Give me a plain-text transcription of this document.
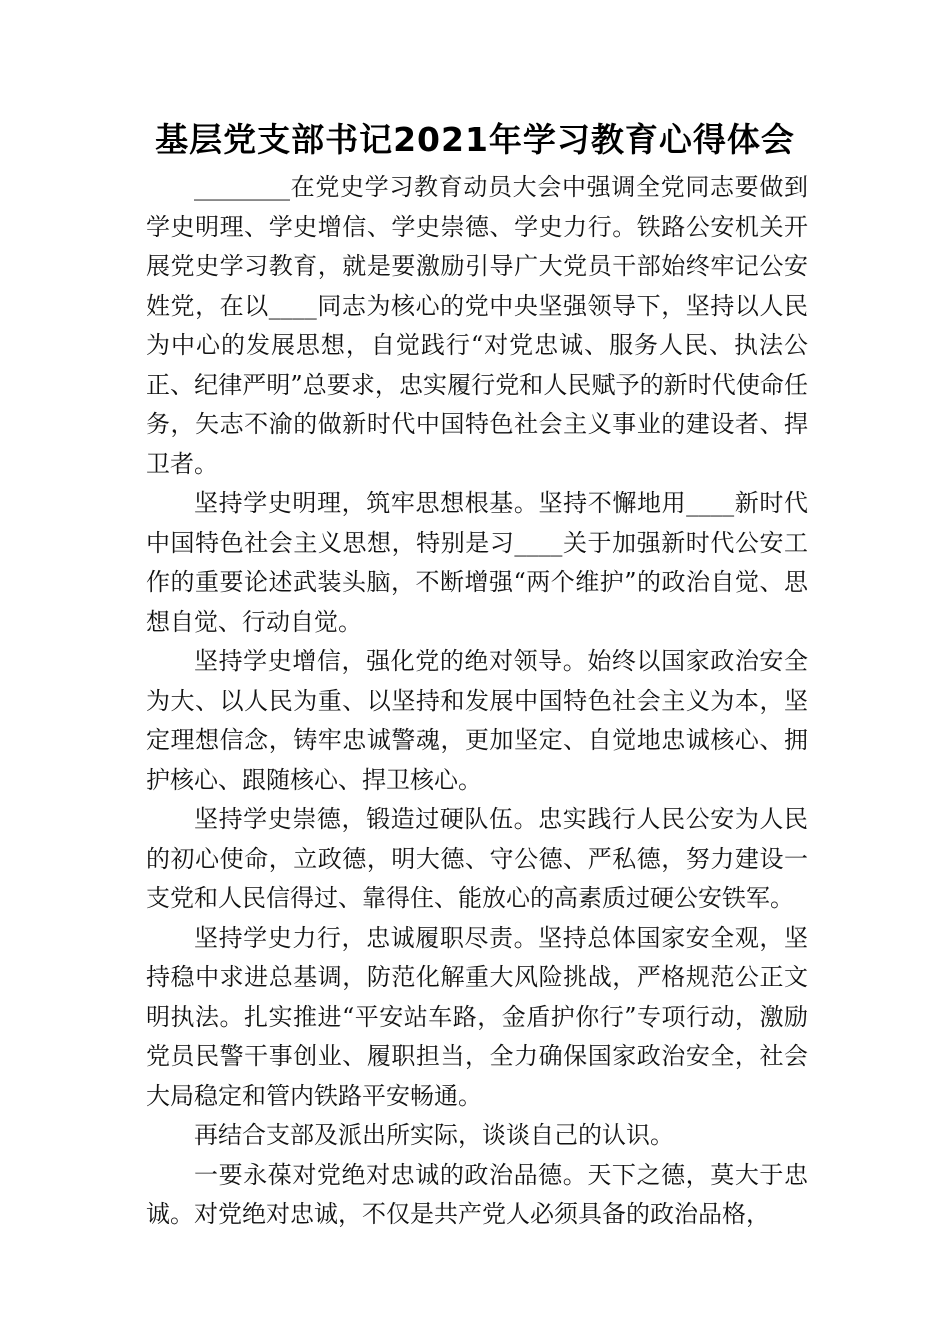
基层党支部书记2021年学习教育心得体会

________在党史学习教育动员大会中强调全党同志要做到学史明理、学史增信、学史崇德、学史力行。铁路公安机关开展党史学习教育，就是要激励引导广大党员干部始终牢记公安姓党，在以____同志为核心的党中央坚强领导下，坚持以人民为中心的发展思想，自觉践行“对党忠诚、服务人民、执法公正、纪律严明”总要求，忠实履行党和人民赋予的新时代使命任务，矢志不渝的做新时代中国特色社会主义事业的建设者、捍卫者。

坚持学史明理，筑牢思想根基。坚持不懈地用____新时代中国特色社会主义思想，特别是习____关于加强新时代公安工作的重要论述武装头脑，不断增强“两个维护”的政治自觉、思想自觉、行动自觉。

坚持学史增信，强化党的绝对领导。始终以国家政治安全为大、以人民为重、以坚持和发展中国特色社会主义为本，坚定理想信念，铸牢忠诚警魂，更加坚定、自觉地忠诚核心、拥护核心、跟随核心、捍卫核心。

坚持学史崇德，锻造过硬队伍。忠实践行人民公安为人民的初心使命，立政德，明大德、守公德、严私德，努力建设一支党和人民信得过、靠得住、能放心的高素质过硬公安铁军。

坚持学史力行，忠诚履职尽责。坚持总体国家安全观，坚持稳中求进总基调，防范化解重大风险挑战，严格规范公正文明执法。扎实推进“平安站车路，金盾护你行”专项行动，激励党员民警干事创业、履职担当，全力确保国家政治安全，社会大局稳定和管内铁路平安畅通。

再结合支部及派出所实际，谈谈自己的认识。

一要永葆对党绝对忠诚的政治品德。天下之德，莫大于忠诚。对党绝对忠诚，不仅是共产党人必须具备的政治品格，
